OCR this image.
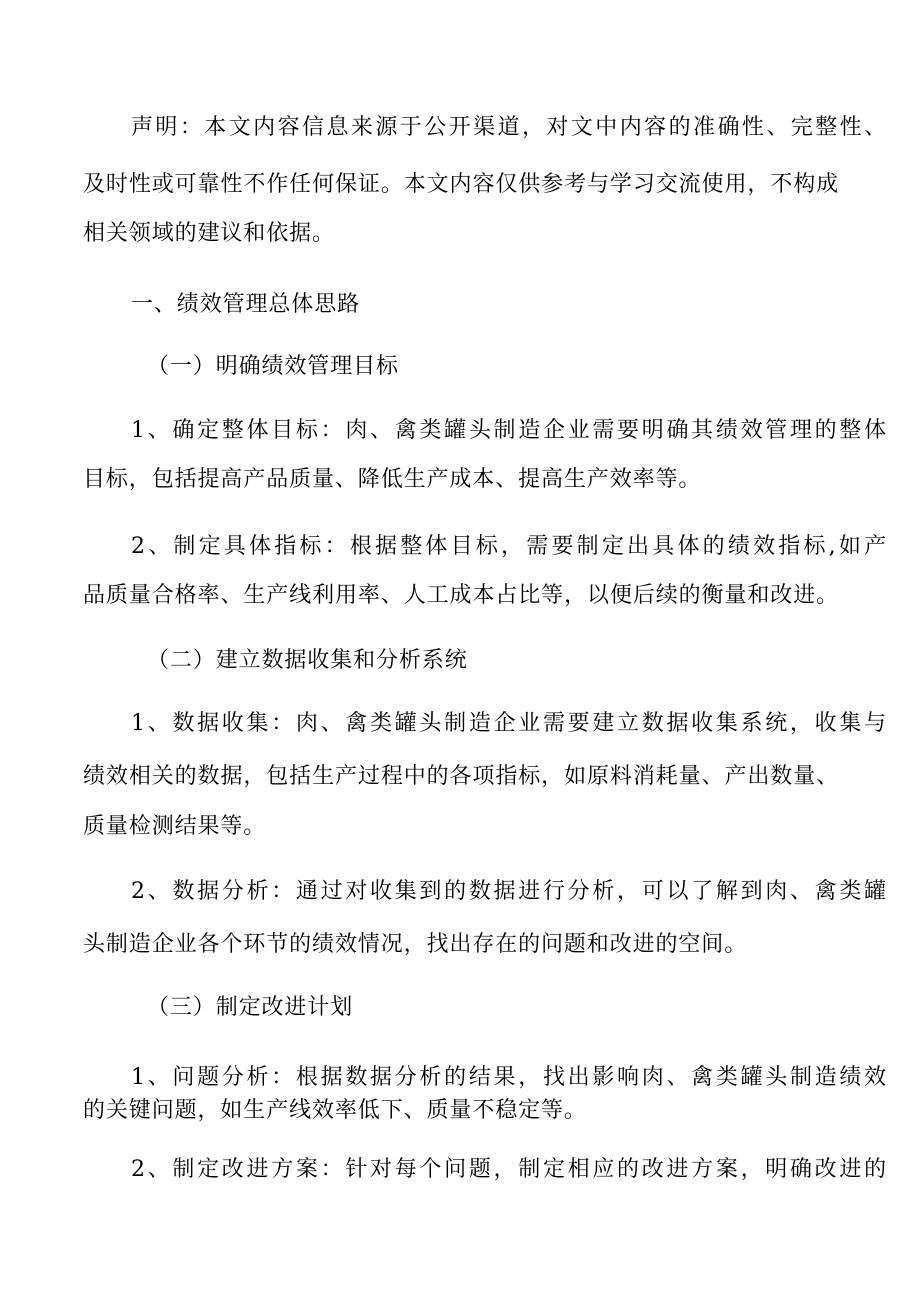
声明：本文内容信息来源于公开渠道，对文中内容的准确性、完整性、
及时性或可靠性不作任何保证。本文内容仅供参考与学习交流使用，不构成
相关领域的建议和依据。
一、绩效管理总体思路
（一）明确绩效管理目标
1、确定整体目标：肉、禽类罐头制造企业需要明确其绩效管理的整体
目标，包括提高产品质量、降低生产成本、提高生产效率等。
2、制定具体指标：根据整体目标，需要制定出具体的绩效指标,如产
品质量合格率、生产线利用率、人工成本占比等，以便后续的衡量和改进。
（二）建立数据收集和分析系统
1、数据收集：肉、禽类罐头制造企业需要建立数据收集系统，收集与
绩效相关的数据，包括生产过程中的各项指标，如原料消耗量、产出数量、
质量检测结果等。
2、数据分析：通过对收集到的数据进行分析，可以了解到肉、禽类罐
头制造企业各个环节的绩效情况，找出存在的问题和改进的空间。
（三）制定改进计划
1、问题分析：根据数据分析的结果，找出影响肉、禽类罐头制造绩效
的关键问题，如生产线效率低下、质量不稳定等。
2、制定改进方案：针对每个问题，制定相应的改进方案，明确改进的
